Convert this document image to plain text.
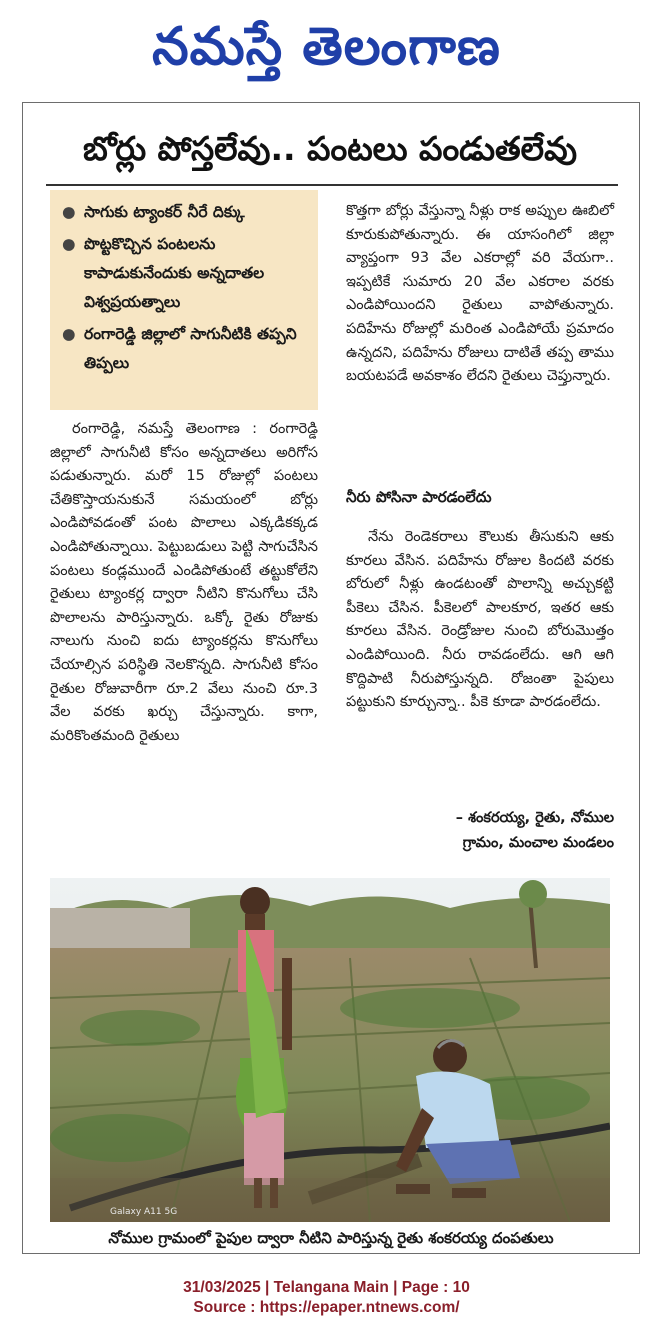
నమస్తే తెలంగాణ
బోర్లు పోస్తలేవు.. పంటలు పండుతలేవు
● సాగుకు ట్యాంకర్ నీరే దిక్కు
● పొట్టకొచ్చిన పంటలను కాపాడుకునేందుకు అన్నదాతల విశ్వప్రయత్నాలు
● రంగారెడ్డి జిల్లాలో సాగునీటికి తప్పని తిప్పలు

రంగారెడ్డి, నమస్తే తెలంగాణ : రంగారెడ్డి జిల్లాలో సాగునీటి కోసం అన్నదాతలు అరిగోస పడుతున్నారు. మరో 15 రోజుల్లో పంటలు చేతికొస్తాయనుకునే సమయంలో బోర్లు ఎండిపోవడంతో పంట పొలాలు ఎక్కడికక్కడ ఎండిపోతున్నాయి. పెట్టుబడులు పెట్టి సాగుచేసిన పంటలు కండ్లముందే ఎండిపోతుంటే తట్టుకోలేని రైతులు ట్యాంకర్ల ద్వారా నీటిని కొనుగోలు చేసి పొలాలను పారిస్తున్నారు. ఒక్కో రైతు రోజుకు నాలుగు నుంచి ఐదు ట్యాంకర్లను కొనుగోలు చేయాల్సిన పరిస్థితి నెలకొన్నది. సాగునీటి కోసం రైతుల రోజువారీగా రూ.2 వేలు నుంచి రూ.3 వేల వరకు ఖర్చు చేస్తున్నారు. కాగా, మరికొంతమంది రైతులు

కొత్తగా బోర్లు వేస్తున్నా నీళ్లు రాక అప్పుల ఊబిలో కూరుకుపోతున్నారు. ఈ యాసంగిలో జిల్లా వ్యాప్తంగా 93 వేల ఎకరాల్లో వరి వేయగా.. ఇప్పటికే సుమారు 20 వేల ఎకరాల వరకు ఎండిపోయిందని రైతులు వాపోతున్నారు. పదిహేను రోజుల్లో మరింత ఎండిపోయే ప్రమాదం ఉన్నదని, పదిహేను రోజులు దాటితే తప్ప తాము బయటపడే అవకాశం లేదని రైతులు చెప్తున్నారు.

నీరు పోసినా పారడంలేదు

నేను రెండెకరాలు కౌలుకు తీసుకుని ఆకు కూరలు వేసిన. పదిహేను రోజుల కిందటి వరకు బోరులో నీళ్లు ఉండటంతో పొలాన్ని అచ్చుకట్టి పీకెలు చేసిన. పీకెలలో పాలకూర, ఇతర ఆకు కూరలు వేసిన. రెండ్రోజుల నుంచి బోరుమొత్తం ఎండిపోయింది. నీరు రావడంలేదు. ఆగి ఆగి కొద్దిపాటి నీరుపోస్తున్నది. రోజంతా పైపులు పట్టుకుని కూర్చున్నా.. పీకె కూడా పారడంలేదు.

– శంకరయ్య, రైతు, నోముల
గ్రామం, మంచాల మండలం
Galaxy A11 5G
నోముల గ్రామంలో పైపుల ద్వారా నీటిని పారిస్తున్న రైతు శంకరయ్య దంపతులు
31/03/2025 | Telangana Main | Page : 10
Source : https://epaper.ntnews.com/
